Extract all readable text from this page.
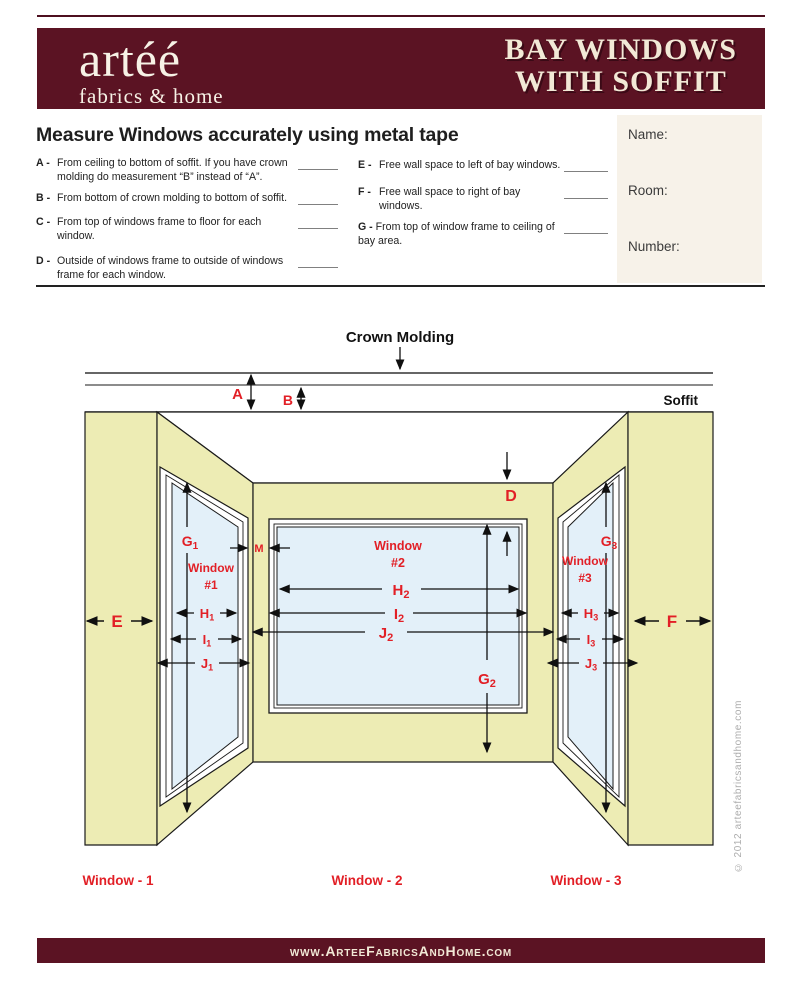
artéé
fabrics & home
BAY WINDOWS
WITH SOFFIT
Measure Windows accurately using metal tape
A - From ceiling to bottom of soffit. If you have crown molding do measurement “B” instead of “A”.
B - From bottom of crown molding to bottom of soffit.
C - From top of windows frame to floor for each window.
D - Outside of windows frame to outside of windows frame for each window.
E - Free wall space to left of bay windows.
F - Free wall space to right of bay windows.
G - From top of window frame to ceiling of bay area.
Name:
Room:
Number:
Crown Molding
Soffit
A	B
D
M
E	F
$G_1$
$G_2$
$G_3$
H1
I1
J1
$H_2$
$I_2$
$J_2$
H3
I3
J3
Window
#1
Window
#2	Window
#3
Window - 1	Window - 2	Window - 3
© 2012 arteefabricsandhome.com
www.ArteeFabricsAndHome.com
